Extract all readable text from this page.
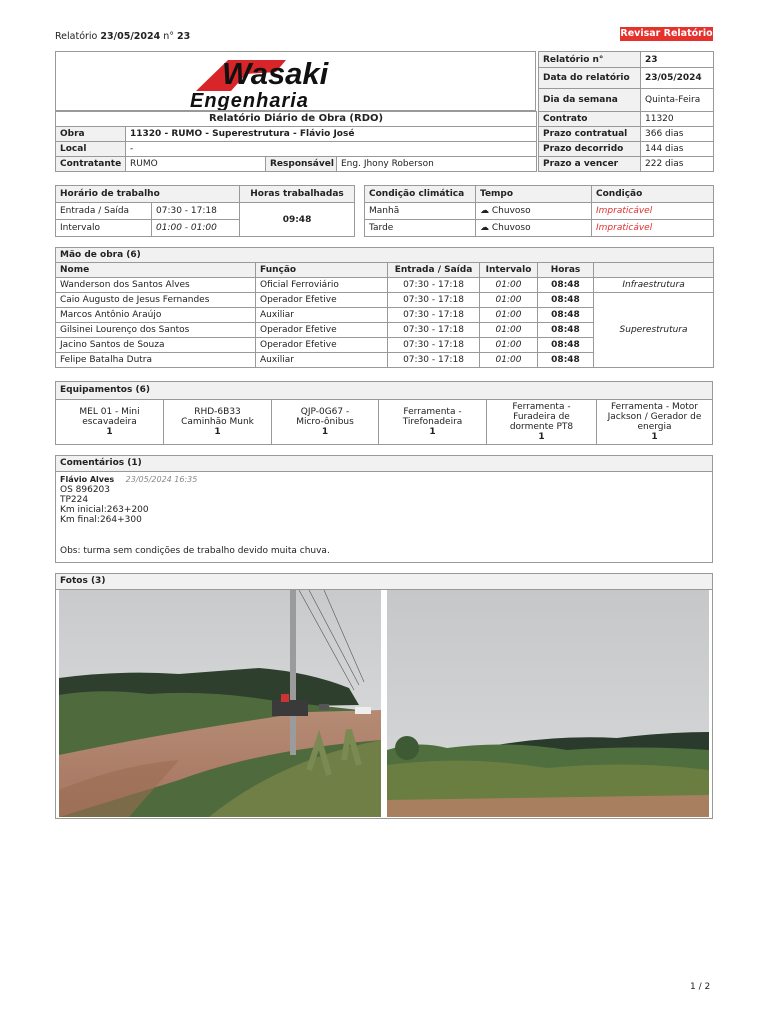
Relatório 23/05/2024 n° 23	Revisar Relatório
Wasaki
Engenharia
Relatório Diário de Obra (RDO)			
Obra	11320 - RUMO - Superestrutura - Flávio José		
Local	-		
Contratante	RUMO	Responsável	Eng. Jhony Roberson
Relatório n°	23
Data do relatório	23/05/2024
Dia da semana	Quinta-Feira
Contrato	11320
Prazo contratual	366 dias
Prazo decorrido	144 dias
Prazo a vencer	222 dias
Horário de trabalho		Horas trabalhadas
Entrada / Saída	07:30 - 17:18	09:48
Intervalo	01:00 - 01:00	
Condição climática	Tempo	Condição
Manhã	☁ Chuvoso	Impraticável
Tarde	☁ Chuvoso	Impraticável
Mão de obra (6)					
Nome	Função	Entrada / Saída	Intervalo	Horas	
Wanderson dos Santos Alves	Oficial Ferroviário	07:30 - 17:18	01:00	08:48	Infraestrutura
Caio Augusto de Jesus Fernandes	Operador Efetive	07:30 - 17:18	01:00	08:48	Superestrutura
Marcos Antônio Araújo	Auxiliar	07:30 - 17:18	01:00	08:48	
Gilsinei Lourenço dos Santos	Operador Efetive	07:30 - 17:18	01:00	08:48	
Jacino Santos de Souza	Operador Efetive	07:30 - 17:18	01:00	08:48	
Felipe Batalha Dutra	Auxiliar	07:30 - 17:18	01:00	08:48	
Equipamentos (6)
MEL 01 - Mini escavadeira
1
RHD-6B33 Caminhão Munk
1
QJP-0G67 - Micro-ônibus
1
Ferramenta - Tirefonadeira
1
Ferramenta - Furadeira de dormente PT8
1
Ferramenta - Motor Jackson / Gerador de energia
1
Comentários (1)
Flávio Alves 23/05/2024 16:35
OS 896203
TP224
Km inicial:263+200
Km final:264+300
Obs: turma sem condições de trabalho devido muita chuva.
Fotos (3)
1 / 2
